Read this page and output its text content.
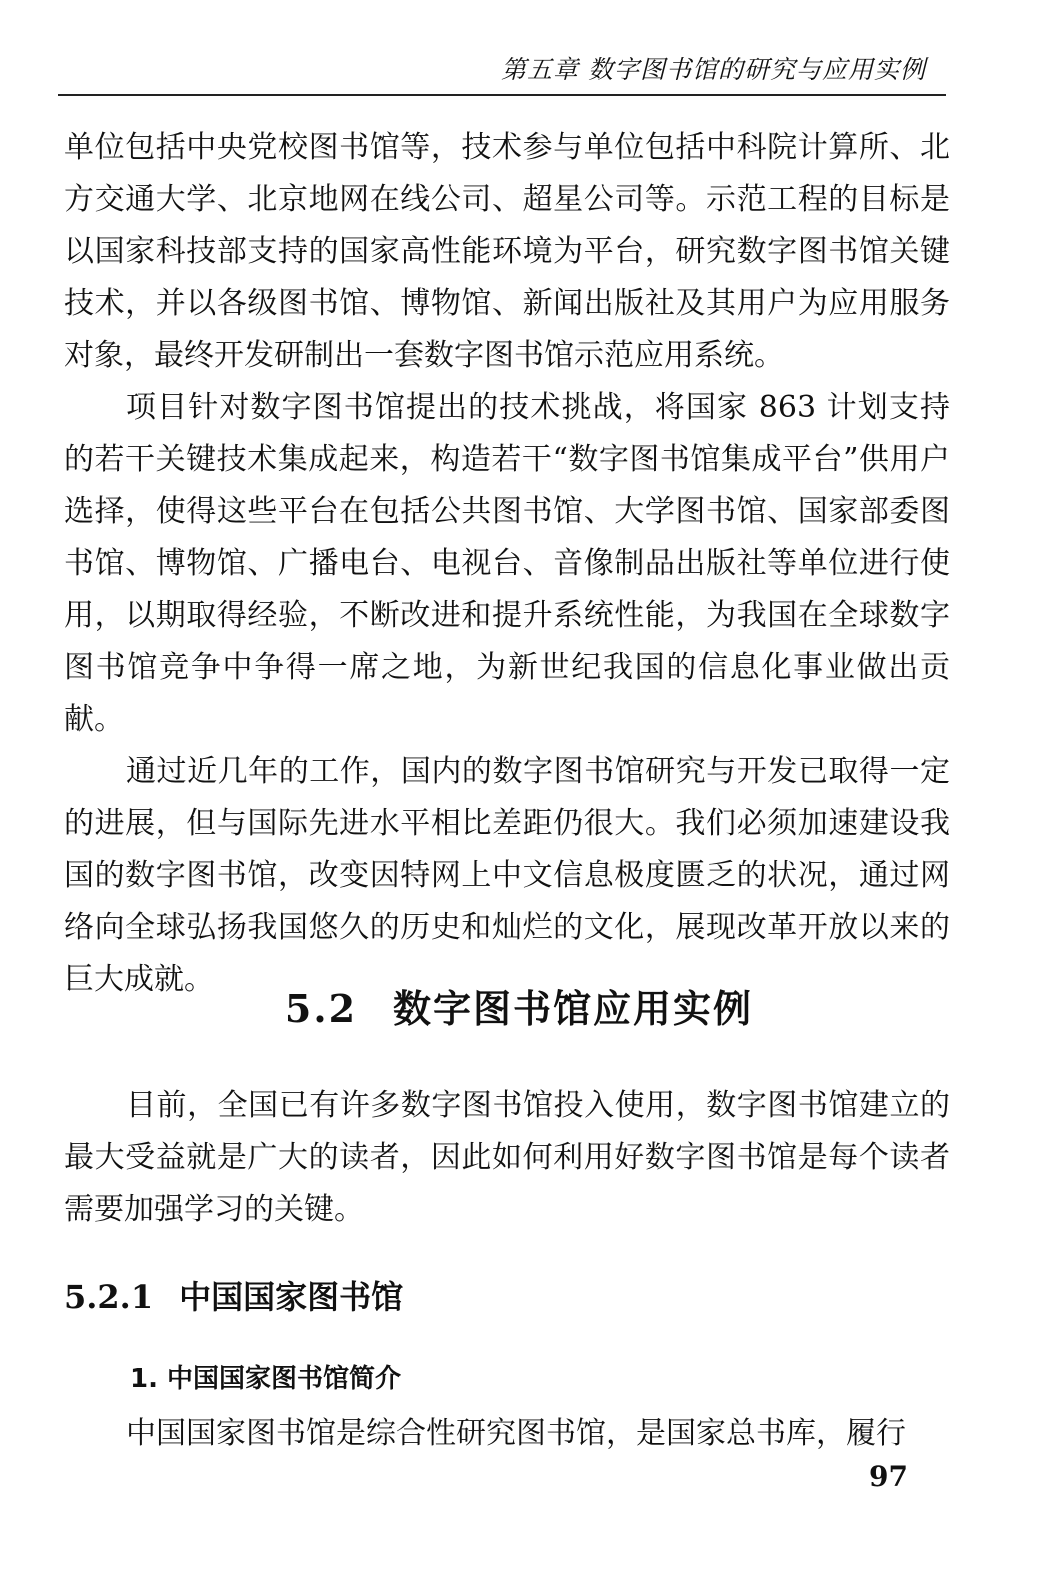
第五章 数字图书馆的研究与应用实例

单位包括中央党校图书馆等，技术参与单位包括中科院计算所、北方交通大学、北京地网在线公司、超星公司等。示范工程的目标是以国家科技部支持的国家高性能环境为平台，研究数字图书馆关键技术，并以各级图书馆、博物馆、新闻出版社及其用户为应用服务对象，最终开发研制出一套数字图书馆示范应用系统。

项目针对数字图书馆提出的技术挑战，将国家 863 计划支持的若干关键技术集成起来，构造若干“数字图书馆集成平台”供用户选择，使得这些平台在包括公共图书馆、大学图书馆、国家部委图书馆、博物馆、广播电台、电视台、音像制品出版社等单位进行使用，以期取得经验，不断改进和提升系统性能，为我国在全球数字图书馆竞争中争得一席之地，为新世纪我国的信息化事业做出贡献。

通过近几年的工作，国内的数字图书馆研究与开发已取得一定的进展，但与国际先进水平相比差距仍很大。我们必须加速建设我国的数字图书馆，改变因特网上中文信息极度匮乏的状况，通过网络向全球弘扬我国悠久的历史和灿烂的文化，展现改革开放以来的巨大成就。

5.2 数字图书馆应用实例

目前，全国已有许多数字图书馆投入使用，数字图书馆建立的最大受益就是广大的读者，因此如何利用好数字图书馆是每个读者需要加强学习的关键。

5.2.1 中国国家图书馆
1. 中国国家图书馆简介

中国国家图书馆是综合性研究图书馆，是国家总书库，履行

97
